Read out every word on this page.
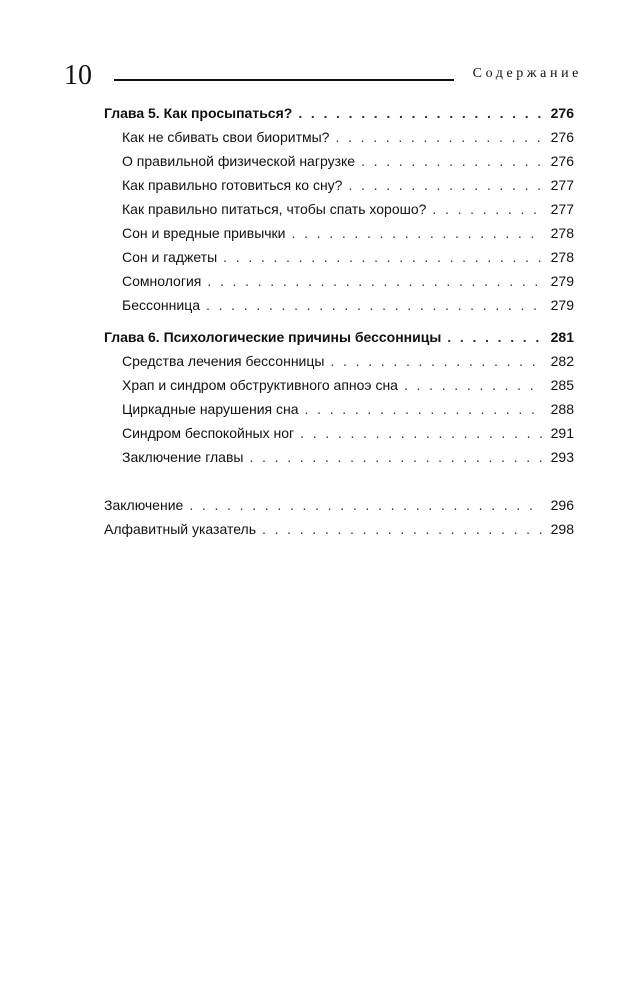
10	Содержание
Глава 5. Как просыпаться? . . .	276
Как не сбивать свои биоритмы? . . .	276
О правильной физической нагрузке . . .	276
Как правильно готовиться ко сну? . . .	277
Как правильно питаться, чтобы спать хорошо? . . .	277
Сон и вредные привычки . . .	278
Сон и гаджеты . . .	278
Сомнология . . .	279
Бессонница . . .	279
Глава 6. Психологические причины бессонницы . . .	281
Средства лечения бессонницы . . .	282
Храп и синдром обструктивного апноэ сна . . .	285
Циркадные нарушения сна . . .	288
Синдром беспокойных ног . . .	291
Заключение главы . . .	293
Заключение . . .	296
Алфавитный указатель . . .	298
